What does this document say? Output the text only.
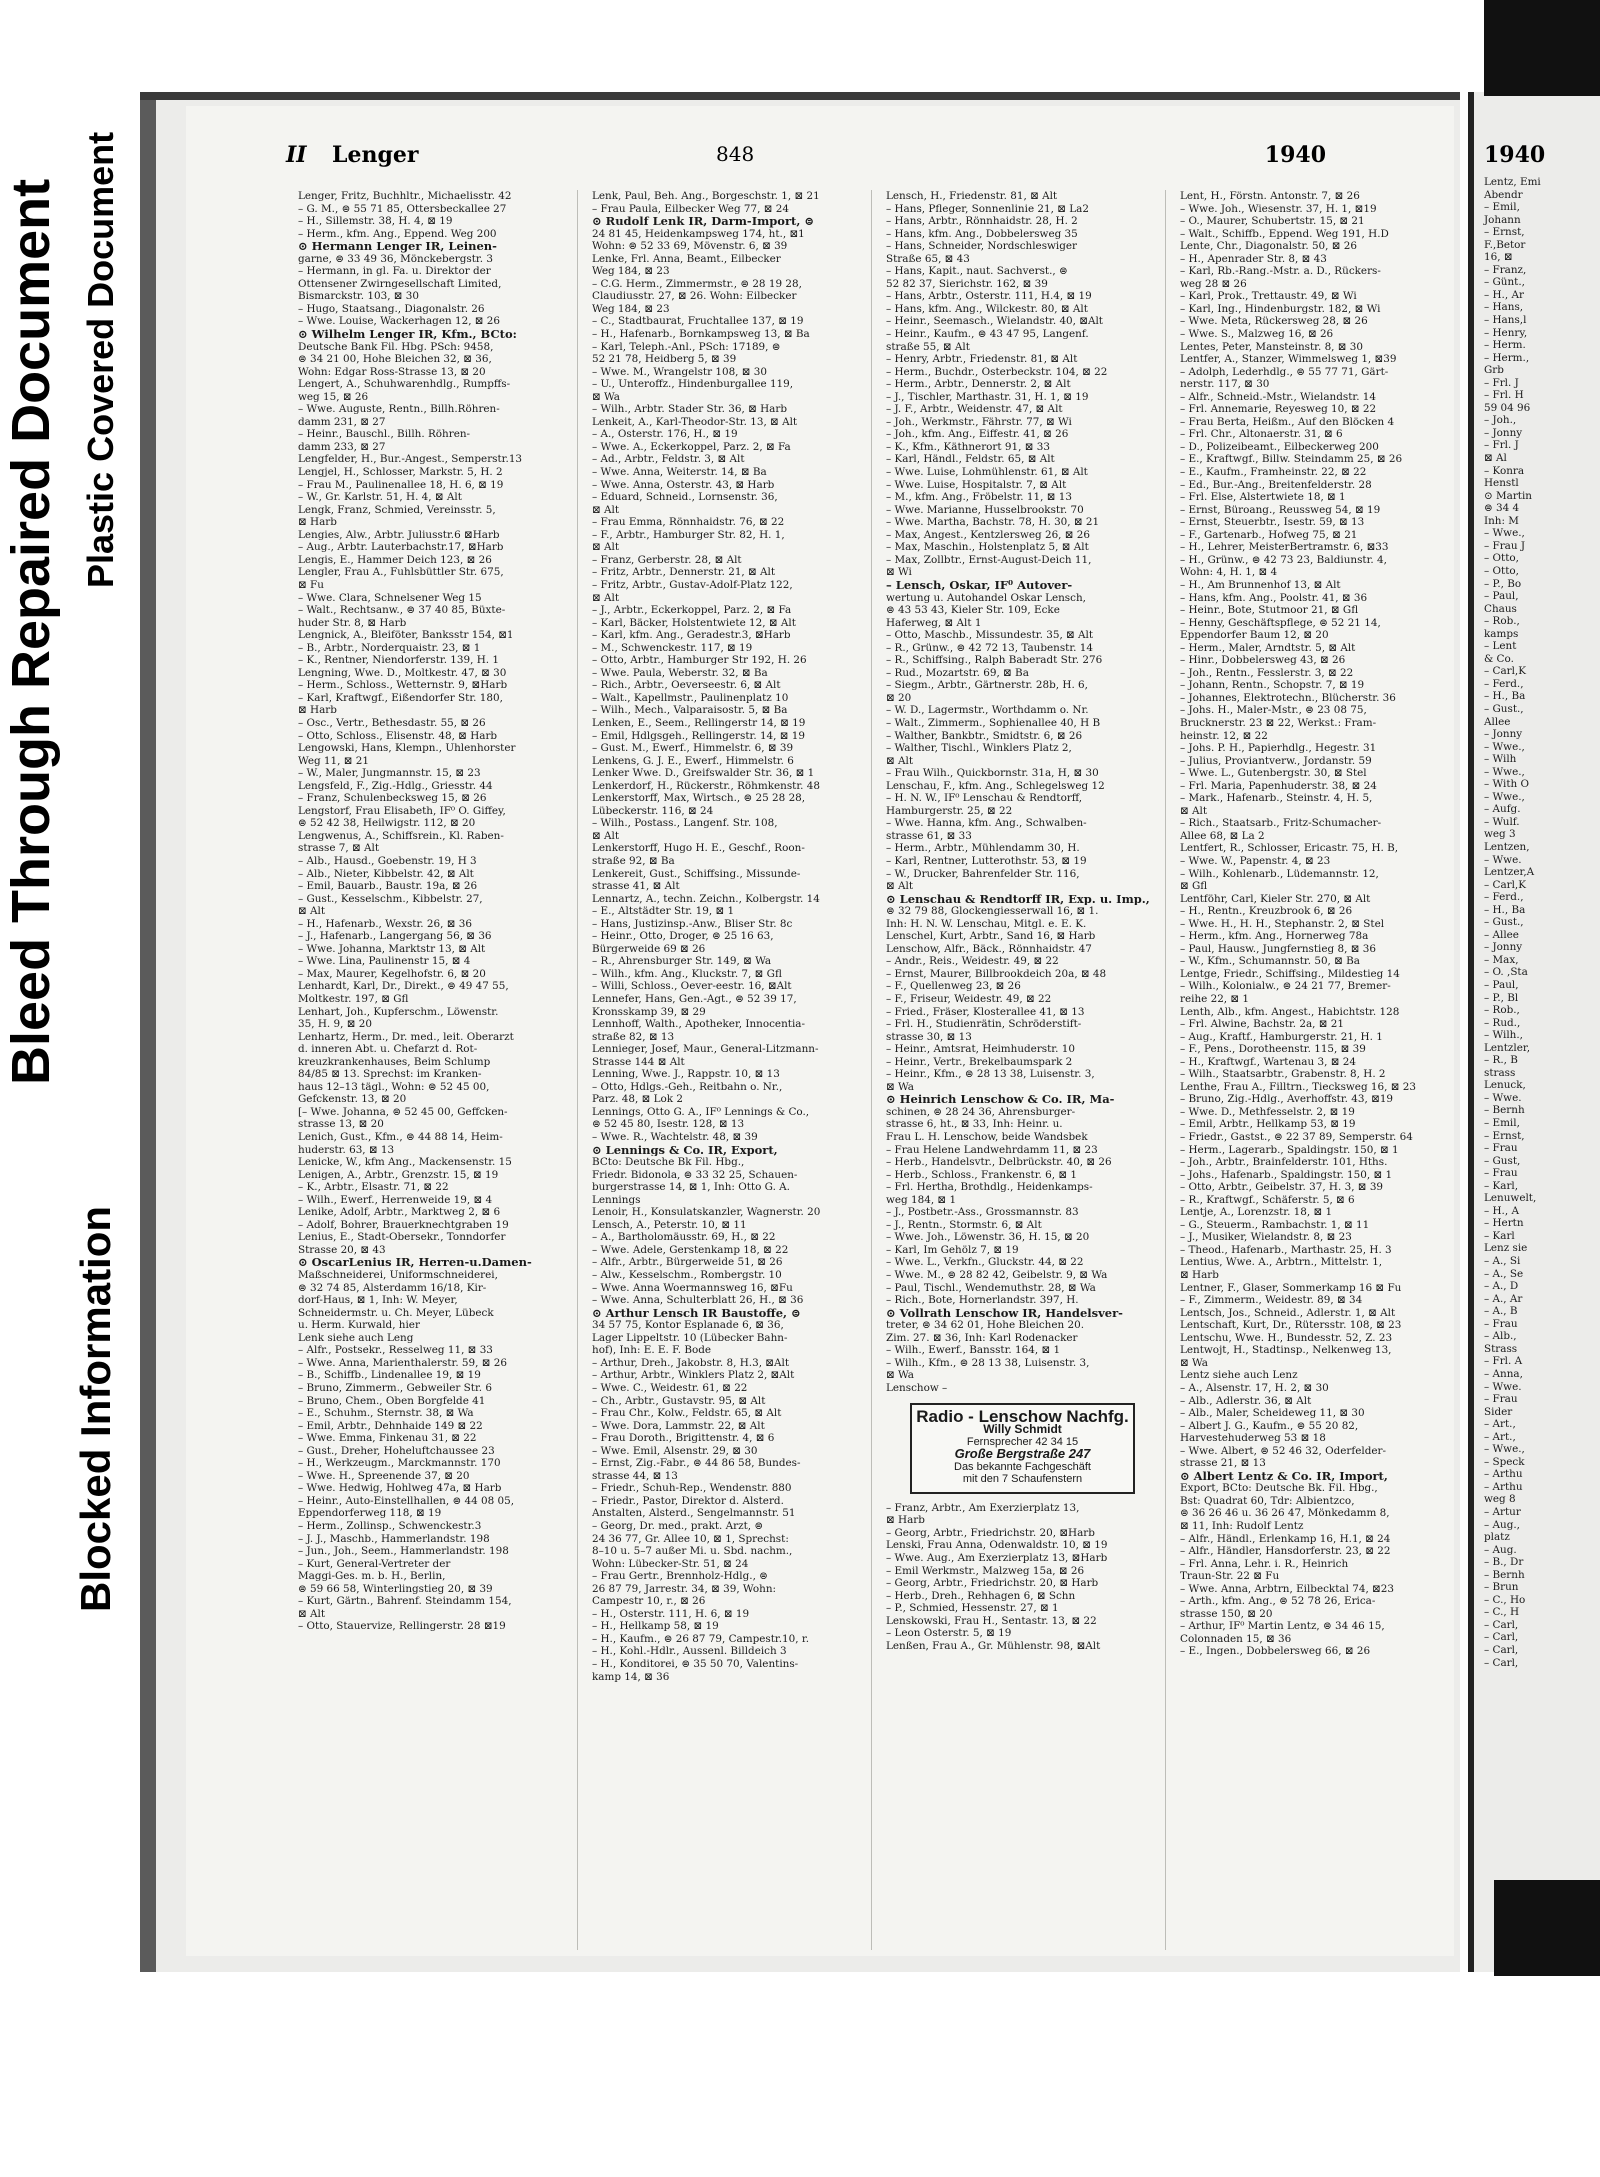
Bleed Through Repaired Document
Blocked Information
Plastic Covered Document	II Lenger	848	1940
Lenger, Fritz, Buchhltr., Michaelisstr. 42
– G. M., ⊜ 55 71 85, Ottersbeckallee 27
– H., Sillemstr. 38, H. 4, ⊠ 19
– Herm., kfm. Ang., Eppend. Weg 200
⊙ Hermann Lenger IR, Leinen-
garne, ⊜ 33 49 36, Mönckebergstr. 3
– Hermann, in gl. Fa. u. Direktor der
Ottensener Zwirngesellschaft Limited,
Bismarckstr. 103, ⊠ 30
– Hugo, Staatsang., Diagonalstr. 26
– Wwe. Louise, Wackerhagen 12, ⊠ 26
⊙ Wilhelm Lenger IR, Kfm., BCto:
Deutsche Bank Fil. Hbg. PSch: 9458,
⊜ 34 21 00, Hohe Bleichen 32, ⊠ 36,
Wohn: Edgar Ross-Strasse 13, ⊠ 20
Lengert, A., Schuhwarenhdlg., Rumpffs-
weg 15, ⊠ 26
– Wwe. Auguste, Rentn., Billh.Röhren-
damm 231, ⊠ 27
– Heinr., Bauschl., Billh. Röhren-
damm 233, ⊠ 27
Lengfelder, H., Bur.-Angest., Semperstr.13
Lengjel, H., Schlosser, Markstr. 5, H. 2
– Frau M., Paulinenallee 18, H. 6, ⊠ 19
– W., Gr. Karlstr. 51, H. 4, ⊠ Alt
Lengk, Franz, Schmied, Vereinsstr. 5,
⊠ Harb
Lengies, Alw., Arbtr. Juliusstr.6 ⊠Harb
– Aug., Arbtr. Lauterbachstr.17, ⊠Harb
Lengis, E., Hammer Deich 123, ⊠ 26
Lengler, Frau A., Fuhlsbüttler Str. 675,
⊠ Fu
– Wwe. Clara, Schnelsener Weg 15
– Walt., Rechtsanw., ⊜ 37 40 85, Büxte-
huder Str. 8, ⊠ Harb
Lengnick, A., Bleiföter, Banksstr 154, ⊠1
– B., Arbtr., Norderquaistr. 23, ⊠ 1
– K., Rentner, Niendorferstr. 139, H. 1
Lengning, Wwe. D., Moltkestr. 47, ⊠ 30
– Herm., Schloss., Wetternstr. 9, ⊠Harb
– Karl, Kraftwgf., Eißendorfer Str. 180,
⊠ Harb
– Osc., Vertr., Bethesdastr. 55, ⊠ 26
– Otto, Schloss., Elisenstr. 48, ⊠ Harb
Lengowski, Hans, Klempn., Uhlenhorster
Weg 11, ⊠ 21
– W., Maler, Jungmannstr. 15, ⊠ 23
Lengsfeld, F., Zig.-Hdlg., Griesstr. 44
– Franz, Schulenbecksweg 15, ⊠ 26
Lengstorf, Frau Elisabeth, IF⁰ O. Giffey,
⊜ 52 42 38, Heilwigstr. 112, ⊠ 20
Lengwenus, A., Schiffsrein., Kl. Raben-
strasse 7, ⊠ Alt
– Alb., Hausd., Goebenstr. 19, H 3
– Alb., Nieter, Kibbelstr. 42, ⊠ Alt
– Emil, Bauarb., Baustr. 19a, ⊠ 26
– Gust., Kesselschm., Kibbelstr. 27,
⊠ Alt
– H., Hafenarb., Wexstr. 26, ⊠ 36
– J., Hafenarb., Langergang 56, ⊠ 36
– Wwe. Johanna, Marktstr 13, ⊠ Alt
– Wwe. Lina, Paulinenstr 15, ⊠ 4
– Max, Maurer, Kegelhofstr. 6, ⊠ 20
Lenhardt, Karl, Dr., Direkt., ⊜ 49 47 55,
Moltkestr. 197, ⊠ Gfl
Lenhart, Joh., Kupferschm., Löwenstr.
35, H. 9, ⊠ 20
Lenhartz, Herm., Dr. med., leit. Oberarzt
d. inneren Abt. u. Chefarzt d. Rot-
kreuzkrankenhauses, Beim Schlump
84/85 ⊠ 13. Sprechst: im Kranken-
haus 12–13 tägl., Wohn: ⊜ 52 45 00,
Gefckenstr. 13, ⊠ 20
[– Wwe. Johanna, ⊜ 52 45 00, Geffcken-
strasse 13, ⊠ 20
Lenich, Gust., Kfm., ⊜ 44 88 14, Heim-
huderstr. 63, ⊠ 13
Lenicke, W., kfm Ang., Mackensenstr. 15
Lenigen, A., Arbtr., Grenzstr. 15, ⊠ 19
– K., Arbtr., Elsastr. 71, ⊠ 22
– Wilh., Ewerf., Herrenweide 19, ⊠ 4
Lenike, Adolf, Arbtr., Marktweg 2, ⊠ 6
– Adolf, Bohrer, Brauerknechtgraben 19
Lenius, E., Stadt-Obersekr., Tonndorfer
Strasse 20, ⊠ 43
⊙ OscarLenius IR, Herren-u.Damen-
Maßschneiderei, Uniformschneiderei,
⊜ 32 74 85, Alsterdamm 16/18, Kir-
dorf-Haus, ⊠ 1, Inh: W. Meyer,
Schneidermstr. u. Ch. Meyer, Lübeck
u. Herm. Kurwald, hier
Lenk siehe auch Leng
– Alfr., Postsekr., Resselweg 11, ⊠ 33
– Wwe. Anna, Marienthalerstr. 59, ⊠ 26
– B., Schiffb., Lindenallee 19, ⊠ 19
– Bruno, Zimmerm., Gebweiler Str. 6
– Bruno, Chem., Oben Borgfelde 41
– E., Schuhm., Sternstr. 38, ⊠ Wa
– Emil, Arbtr., Dehnhaide 149 ⊠ 22
– Wwe. Emma, Finkenau 31, ⊠ 22
– Gust., Dreher, Hoheluftchaussee 23
– H., Werkzeugm., Marckmannstr. 170
– Wwe. H., Spreenende 37, ⊠ 20
– Wwe. Hedwig, Hohlweg 47a, ⊠ Harb
– Heinr., Auto-Einstellhallen, ⊜ 44 08 05,
Eppendorferweg 118, ⊠ 19
– Herm., Zollinsp., Schwenckestr.3
– J. J., Maschb., Hammerlandstr. 198
– Jun., Joh., Seem., Hammerlandstr. 198
– Kurt, General-Vertreter der
Maggi-Ges. m. b. H., Berlin,
⊜ 59 66 58, Winterlingstieg 20, ⊠ 39
– Kurt, Gärtn., Bahrenf. Steindamm 154,
⊠ Alt
– Otto, Stauervize, Rellingerstr. 28 ⊠19
Lenk, Paul, Beh. Ang., Borgeschstr. 1, ⊠ 21
– Frau Paula, Eilbecker Weg 77, ⊠ 24
⊙ Rudolf Lenk IR, Darm-Import, ⊜
24 81 45, Heidenkampsweg 174, ht., ⊠1
Wohn: ⊜ 52 33 69, Mövenstr. 6, ⊠ 39
Lenke, Frl. Anna, Beamt., Eilbecker
Weg 184, ⊠ 23
– C.G. Herm., Zimmermstr., ⊜ 28 19 28,
Claudiusstr. 27, ⊠ 26. Wohn: Eilbecker
Weg 184, ⊠ 23
– C., Stadtbaurat, Fruchtallee 137, ⊠ 19
– H., Hafenarb., Bornkampsweg 13, ⊠ Ba
– Karl, Teleph.-Anl., PSch: 17189, ⊜
52 21 78, Heidberg 5, ⊠ 39
– Wwe. M., Wrangelstr 108, ⊠ 30
– U., Unteroffz., Hindenburgallee 119,
⊠ Wa
– Wilh., Arbtr. Stader Str. 36, ⊠ Harb
Lenkeit, A., Karl-Theodor-Str. 13, ⊠ Alt
– A., Osterstr. 176, H., ⊠ 19
– Wwe. A., Eckerkoppel, Parz. 2, ⊠ Fa
– Ad., Arbtr., Feldstr. 3, ⊠ Alt
– Wwe. Anna, Weiterstr. 14, ⊠ Ba
– Wwe. Anna, Osterstr. 43, ⊠ Harb
– Eduard, Schneid., Lornsenstr. 36,
⊠ Alt
– Frau Emma, Rönnhaidstr. 76, ⊠ 22
– F., Arbtr., Hamburger Str. 82, H. 1,
⊠ Alt
– Franz, Gerberstr. 28, ⊠ Alt
– Fritz, Arbtr., Dennerstr. 21, ⊠ Alt
– Fritz, Arbtr., Gustav-Adolf-Platz 122,
⊠ Alt
– J., Arbtr., Eckerkoppel, Parz. 2, ⊠ Fa
– Karl, Bäcker, Holstentwiete 12, ⊠ Alt
– Karl, kfm. Ang., Geradestr.3, ⊠Harb
– M., Schwenckestr. 117, ⊠ 19
– Otto, Arbtr., Hamburger Str 192, H. 26
– Wwe. Paula, Weberstr. 32, ⊠ Ba
– Rich., Arbtr., Oeverseestr. 6, ⊠ Alt
– Walt., Kapellmstr., Paulinenplatz 10
– Wilh., Mech., Valparaisostr. 5, ⊠ Ba
Lenken, E., Seem., Rellingerstr 14, ⊠ 19
– Emil, Hdlgsgeh., Rellingerstr. 14, ⊠ 19
– Gust. M., Ewerf., Himmelstr. 6, ⊠ 39
Lenkens, G. J. E., Ewerf., Himmelstr. 6
Lenker Wwe. D., Greifswalder Str. 36, ⊠ 1
Lenkerdorf, H., Rückerstr., Röhmkenstr. 48
Lenkerstorff, Max, Wirtsch., ⊜ 25 28 28,
Lübeckerstr. 116, ⊠ 24
– Wilh., Postass., Langenf. Str. 108,
⊠ Alt
Lenkerstorff, Hugo H. E., Geschf., Roon-
straße 92, ⊠ Ba
Lenkereit, Gust., Schiffsing., Missunde-
strasse 41, ⊠ Alt
Lennartz, A., techn. Zeichn., Kolbergstr. 14
– E., Altstädter Str. 19, ⊠ 1
– Hans, Justizinsp.-Anw., Bliser Str. 8c
– Heinr., Otto, Droger, ⊜ 25 16 63,
Bürgerweide 69 ⊠ 26
– R., Ahrensburger Str. 149, ⊠ Wa
– Wilh., kfm. Ang., Kluckstr. 7, ⊠ Gfl
– Willi, Schloss., Oever-eestr. 16, ⊠Alt
Lennefer, Hans, Gen.-Agt., ⊜ 52 39 17,
Kronsskamp 39, ⊠ 29
Lennhoff, Walth., Apotheker, Innocentia-
straße 82, ⊠ 13
Lennieger, Josef, Maur., General-Litzmann-
Strasse 144 ⊠ Alt
Lenning, Wwe. J., Rappstr. 10, ⊠ 13
– Otto, Hdlgs.-Geh., Reitbahn o. Nr.,
Parz. 48, ⊠ Lok 2
Lennings, Otto G. A., IF⁰ Lennings & Co.,
⊜ 52 45 80, Isestr. 128, ⊠ 13
– Wwe. R., Wachtelstr. 48, ⊠ 39
⊙ Lennings & Co. IR, Export,
BCto: Deutsche Bk Fil. Hbg.,
Friedr. Bidonola, ⊜ 33 32 25, Schauen-
burgerstrasse 14, ⊠ 1, Inh: Otto G. A.
Lennings
Lenoir, H., Konsulatskanzler, Wagnerstr. 20
Lensch, A., Peterstr. 10, ⊠ 11
– A., Bartholomäusstr. 69, H., ⊠ 22
– Wwe. Adele, Gerstenkamp 18, ⊠ 22
– Alfr., Arbtr., Bürgerweide 51, ⊠ 26
– Alw., Kesselschm., Rombergstr. 10
– Wwe. Anna Woermannsweg 16, ⊠Fu
– Wwe. Anna, Schulterblatt 26, H., ⊠ 36
⊙ Arthur Lensch IR Baustoffe, ⊜
34 57 75, Kontor Esplanade 6, ⊠ 36,
Lager Lippeltstr. 10 (Lübecker Bahn-
hof), Inh: E. E. F. Bode
– Arthur, Dreh., Jakobstr. 8, H.3, ⊠Alt
– Arthur, Arbtr., Winklers Platz 2, ⊠Alt
– Wwe. C., Weidestr. 61, ⊠ 22
– Ch., Arbtr., Gustavstr. 95, ⊠ Alt
– Frau Chr., Kolw., Feldstr. 65, ⊠ Alt
– Wwe. Dora, Lammstr. 22, ⊠ Alt
– Frau Doroth., Brigittenstr. 4, ⊠ 6
– Wwe. Emil, Alsenstr. 29, ⊠ 30
– Ernst, Zig.-Fabr., ⊜ 44 86 58, Bundes-
strasse 44, ⊠ 13
– Friedr., Schuh-Rep., Wendenstr. 880
– Friedr., Pastor, Direktor d. Alsterd.
Anstalten, Alsterd., Sengelmannstr. 51
– Georg, Dr. med., prakt. Arzt, ⊜
24 36 77, Gr. Allee 10, ⊠ 1, Sprechst:
8–10 u. 5–7 außer Mi. u. Sbd. nachm.,
Wohn: Lübecker-Str. 51, ⊠ 24
– Frau Gertr., Brennholz-Hdlg., ⊜
26 87 79, Jarrestr. 34, ⊠ 39, Wohn:
Campestr 10, r., ⊠ 26
– H., Osterstr. 111, H. 6, ⊠ 19
– H., Hellkamp 58, ⊠ 19
– H., Kaufm., ⊜ 26 87 79, Campestr.10, r.
– H., Kohl.-Hdlr., Aussenl. Billdeich 3
– H., Konditorei, ⊜ 35 50 70, Valentins-
kamp 14, ⊠ 36
Lensch, H., Friedenstr. 81, ⊠ Alt
– Hans, Pfleger, Sonnenlinie 21, ⊠ La2
– Hans, Arbtr., Rönnhaidstr. 28, H. 2
– Hans, kfm. Ang., Dobbelersweg 35
– Hans, Schneider, Nordschleswiger
Straße 65, ⊠ 43
– Hans, Kapit., naut. Sachverst., ⊜
52 82 37, Sierichstr. 162, ⊠ 39
– Hans, Arbtr., Osterstr. 111, H.4, ⊠ 19
– Hans, kfm. Ang., Wilckestr. 80, ⊠ Alt
– Heinr., Seemasch., Wielandstr. 40, ⊠Alt
– Heinr., Kaufm., ⊜ 43 47 95, Langenf.
straße 55, ⊠ Alt
– Henry, Arbtr., Friedenstr. 81, ⊠ Alt
– Herm., Buchdr., Osterbeckstr. 104, ⊠ 22
– Herm., Arbtr., Dennerstr. 2, ⊠ Alt
– J., Tischler, Marthastr. 31, H. 1, ⊠ 19
– J. F., Arbtr., Weidenstr. 47, ⊠ Alt
– Joh., Werkmstr., Fährstr. 77, ⊠ Wi
– Joh., kfm. Ang., Eiffestr. 41, ⊠ 26
– K., Kfm., Käthnerort 91, ⊠ 33
– Karl, Händl., Feldstr. 65, ⊠ Alt
– Wwe. Luise, Lohmühlenstr. 61, ⊠ Alt
– Wwe. Luise, Hospitalstr. 7, ⊠ Alt
– M., kfm. Ang., Fröbelstr. 11, ⊠ 13
– Wwe. Marianne, Husselbrookstr. 70
– Wwe. Martha, Bachstr. 78, H. 30, ⊠ 21
– Max, Angest., Kentzlersweg 26, ⊠ 26
– Max, Maschin., Holstenplatz 5, ⊠ Alt
– Max, Zollbtr., Ernst-August-Deich 11,
⊠ Wi
– Lensch, Oskar, IF⁰ Autover-
wertung u. Autohandel Oskar Lensch,
⊜ 43 53 43, Kieler Str. 109, Ecke
Haferweg, ⊠ Alt 1
– Otto, Maschb., Missundestr. 35, ⊠ Alt
– R., Grünw., ⊜ 42 72 13, Taubenstr. 14
– R., Schiffsing., Ralph Baberadt Str. 276
– Rud., Mozartstr. 69, ⊠ Ba
– Siegm., Arbtr., Gärtnerstr. 28b, H. 6,
⊠ 20
– W. D., Lagermstr., Worthdamm o. Nr.
– Walt., Zimmerm., Sophienallee 40, H B
– Walther, Bankbtr., Smidtstr. 6, ⊠ 26
– Walther, Tischl., Winklers Platz 2,
⊠ Alt
– Frau Wilh., Quickbornstr. 31a, H, ⊠ 30
Lenschau, F., kfm. Ang., Schlegelsweg 12
– H. N. W., IF⁰ Lenschau & Rendtorff,
Hamburgerstr. 25, ⊠ 22
– Wwe. Hanna, kfm. Ang., Schwalben-
strasse 61, ⊠ 33
– Herm., Arbtr., Mühlendamm 30, H.
– Karl, Rentner, Lutterothstr. 53, ⊠ 19
– W., Drucker, Bahrenfelder Str. 116,
⊠ Alt
⊙ Lenschau & Rendtorff IR, Exp. u. Imp.,
⊜ 32 79 88, Glockengiesserwall 16, ⊠ 1.
Inh: H. N. W. Lenschau, Mitgl. e. E. K.
Lenschel, Kurt, Arbtr., Sand 16, ⊠ Harb
Lenschow, Alfr., Bäck., Rönnhaidstr. 47
– Andr., Reis., Weidestr. 49, ⊠ 22
– Ernst, Maurer, Billbrookdeich 20a, ⊠ 48
– F., Quellenweg 23, ⊠ 26
– F., Friseur, Weidestr. 49, ⊠ 22
– Fried., Fräser, Klosterallee 41, ⊠ 13
– Frl. H., Studienrätin, Schröderstift-
strasse 30, ⊠ 13
– Heinr., Amtsrat, Heimhuderstr. 10
– Heinr., Vertr., Brekelbaumspark 2
– Heinr., Kfm., ⊜ 28 13 38, Luisenstr. 3,
⊠ Wa
⊙ Heinrich Lenschow & Co. IR, Ma-
schinen, ⊜ 28 24 36, Ahrensburger-
strasse 6, ht., ⊠ 33, Inh: Heinr. u.
Frau L. H. Lenschow, beide Wandsbek
– Frau Helene Landwehrdamm 11, ⊠ 23
– Herb., Handelsvtr., Delbrückstr. 40, ⊠ 26
– Herb., Schloss., Frankenstr. 6, ⊠ 1
– Frl. Hertha, Brothdlg., Heidenkamps-
weg 184, ⊠ 1
– J., Postbetr.-Ass., Grossmannstr. 83
– J., Rentn., Stormstr. 6, ⊠ Alt
– Wwe. Joh., Löwenstr. 36, H. 15, ⊠ 20
– Karl, Im Gehölz 7, ⊠ 19
– Wwe. L., Verkfn., Gluckstr. 44, ⊠ 22
– Wwe. M., ⊜ 28 82 42, Geibelstr. 9, ⊠ Wa
– Paul, Tischl., Wendemuthstr. 28, ⊠ Wa
– Rich., Bote, Hornerlandstr. 397, H.
⊙ Vollrath Lenschow IR, Handelsver-
treter, ⊜ 34 62 01, Hohe Bleichen 20.
Zim. 27. ⊠ 36, Inh: Karl Rodenacker
– Wilh., Ewerf., Bansstr. 164, ⊠ 1
– Wilh., Kfm., ⊜ 28 13 38, Luisenstr. 3,
⊠ Wa
Lenschow –
Radio - Lenschow Nachfg.
Willy Schmidt
Fernsprecher 42 34 15
Große Bergstraße 247
Das bekannte Fachgeschäft
mit den 7 Schaufenstern
– Franz, Arbtr., Am Exerzierplatz 13,
⊠ Harb
– Georg, Arbtr., Friedrichstr. 20, ⊠Harb
Lenski, Frau Anna, Odenwaldstr. 10, ⊠ 19
– Wwe. Aug., Am Exerzierplatz 13, ⊠Harb
– Emil Werkmstr., Malzweg 15a, ⊠ 26
– Georg, Arbtr., Friedrichstr. 20, ⊠ Harb
– Herb., Dreh., Rehhagen 6, ⊠ Schn
– P., Schmied, Hessenstr. 27, ⊠ 1
Lenskowski, Frau H., Sentastr. 13, ⊠ 22
– Leon Osterstr. 5, ⊠ 19
Lenßen, Frau A., Gr. Mühlenstr. 98, ⊠Alt
Lent, H., Förstn. Antonstr. 7, ⊠ 26
– Wwe. Joh., Wiesenstr. 37, H. 1, ⊠19
– O., Maurer, Schubertstr. 15, ⊠ 21
– Walt., Schiffb., Eppend. Weg 191, H.D
Lente, Chr., Diagonalstr. 50, ⊠ 26
– H., Apenrader Str. 8, ⊠ 43
– Karl, Rb.-Rang.-Mstr. a. D., Rückers-
weg 28 ⊠ 26
– Karl, Prok., Trettaustr. 49, ⊠ Wi
– Karl, Ing., Hindenburgstr. 182, ⊠ Wi
– Wwe. Meta, Rückersweg 28, ⊠ 26
– Wwe. S., Malzweg 16, ⊠ 26
Lentes, Peter, Mansteinstr. 8, ⊠ 30
Lentfer, A., Stanzer, Wimmelsweg 1, ⊠39
– Adolph, Lederhdlg., ⊜ 55 77 71, Gärt-
nerstr. 117, ⊠ 30
– Alfr., Schneid.-Mstr., Wielandstr. 14
– Frl. Annemarie, Reyesweg 10, ⊠ 22
– Frau Berta, Heißm., Auf den Blöcken 4
– Frl. Chr., Altonaerstr. 31, ⊠ 6
– D., Polizeibeamt., Eilbeckerweg 200
– E., Kraftwgf., Billw. Steindamm 25, ⊠ 26
– E., Kaufm., Framheinstr. 22, ⊠ 22
– Ed., Bur.-Ang., Breitenfelderstr. 28
– Frl. Else, Alstertwiete 18, ⊠ 1
– Ernst, Büroang., Reussweg 54, ⊠ 19
– Ernst, Steuerbtr., Isestr. 59, ⊠ 13
– F., Gartenarb., Hofweg 75, ⊠ 21
– H., Lehrer, MeisterBertramstr. 6, ⊠33
– H., Grünw., ⊜ 42 73 23, Baldiunstr. 4,
Wohn: 4, H. 1, ⊠ 4
– H., Am Brunnenhof 13, ⊠ Alt
– Hans, kfm. Ang., Poolstr. 41, ⊠ 36
– Heinr., Bote, Stutmoor 21, ⊠ Gfl
– Henny, Geschäftspflege, ⊜ 52 21 14,
Eppendorfer Baum 12, ⊠ 20
– Herm., Maler, Arndtstr. 5, ⊠ Alt
– Hinr., Dobbelersweg 43, ⊠ 26
– Joh., Rentn., Fesslerstr. 3, ⊠ 22
– Johann, Rentn., Schopstr. 7, ⊠ 19
– Johannes, Elektrotechn., Blücherstr. 36
– Johs. H., Maler-Mstr., ⊜ 23 08 75,
Brucknerstr. 23 ⊠ 22, Werkst.: Fram-
heinstr. 12, ⊠ 22
– Johs. P. H., Papierhdlg., Hegestr. 31
– Julius, Proviantverw., Jordanstr. 59
– Wwe. L., Gutenbergstr. 30, ⊠ Stel
– Frl. Maria, Papenhuderstr. 38, ⊠ 24
– Mark., Hafenarb., Steinstr. 4, H. 5,
⊠ Alt
– Rich., Staatsarb., Fritz-Schumacher-
Allee 68, ⊠ La 2
Lentfert, R., Schlosser, Ericastr. 75, H. B,
– Wwe. W., Papenstr. 4, ⊠ 23
– Wilh., Kohlenarb., Lüdemannstr. 12,
⊠ Gfl
Lentföhr, Carl, Kieler Str. 270, ⊠ Alt
– H., Rentn., Kreuzbrook 6, ⊠ 26
– Wwe. H., H. H., Stephanstr. 2, ⊠ Stel
– Herm., kfm. Ang., Hornerweg 78a
– Paul, Hausw., Jungfernstieg 8, ⊠ 36
– W., Kfm., Schumannstr. 50, ⊠ Ba
Lentge, Friedr., Schiffsing., Mildestieg 14
– Wilh., Kolonialw., ⊜ 24 21 77, Bremer-
reihe 22, ⊠ 1
Lenth, Alb., kfm. Angest., Habichtstr. 128
– Frl. Alwine, Bachstr. 2a, ⊠ 21
– Aug., Kraftf., Hamburgerstr. 21, H. 1
– F., Pens., Dorotheenstr. 115, ⊠ 39
– H., Kraftwgf., Wartenau 3, ⊠ 24
– Wilh., Staatsarbtr., Grabenstr. 8, H. 2
Lenthe, Frau A., Filltrn., Tiecksweg 16, ⊠ 23
– Bruno, Zig.-Hdlg., Averhoffstr. 43, ⊠19
– Wwe. D., Methfesselstr. 2, ⊠ 19
– Emil, Arbtr., Hellkamp 53, ⊠ 19
– Friedr., Gastst., ⊜ 22 37 89, Semperstr. 64
– Herm., Lagerarb., Spaldingstr. 150, ⊠ 1
– Joh., Arbtr., Brainfelderstr. 101, Hths.
– Johs., Hafenarb., Spaldingstr. 150, ⊠ 1
– Otto, Arbtr., Geibelstr. 37, H. 3, ⊠ 39
– R., Kraftwgf., Schäferstr. 5, ⊠ 6
Lentje, A., Lorenzstr. 18, ⊠ 1
– G., Steuerm., Rambachstr. 1, ⊠ 11
– J., Musiker, Wielandstr. 8, ⊠ 23
– Theod., Hafenarb., Marthastr. 25, H. 3
Lentius, Wwe. A., Arbtrn., Mittelstr. 1,
⊠ Harb
Lentner, F., Glaser, Sommerkamp 16 ⊠ Fu
– F., Zimmerm., Weidestr. 89, ⊠ 34
Lentsch, Jos., Schneid., Adlerstr. 1, ⊠ Alt
Lentschaft, Kurt, Dr., Rütersstr. 108, ⊠ 23
Lentschu, Wwe. H., Bundesstr. 52, Z. 23
Lentwojt, H., Stadtinsp., Nelkenweg 13,
⊠ Wa
Lentz siehe auch Lenz
– A., Alsenstr. 17, H. 2, ⊠ 30
– Alb., Adlerstr. 36, ⊠ Alt
– Alb., Maler, Scheideweg 11, ⊠ 30
– Albert J. G., Kaufm., ⊜ 55 20 82,
Harvestehuderweg 53 ⊠ 18
– Wwe. Albert, ⊜ 52 46 32, Oderfelder-
strasse 21, ⊠ 13
⊙ Albert Lentz & Co. IR, Import,
Export, BCto: Deutsche Bk. Fil. Hbg.,
Bst: Quadrat 60, Tdr: Albientzco,
⊜ 36 26 46 u. 36 26 47, Mönkedamm 8,
⊠ 11, Inh: Rudolf Lentz
– Alfr., Händl., Erlenkamp 16, H.1, ⊠ 24
– Alfr., Händler, Hansdorferstr. 23, ⊠ 22
– Frl. Anna, Lehr. i. R., Heinrich
Traun-Str. 22 ⊠ Fu
– Wwe. Anna, Arbtrn, Eilbecktal 74, ⊠23
– Arth., kfm. Ang., ⊜ 52 78 26, Erica-
strasse 150, ⊠ 20
– Arthur, IF⁰ Martin Lentz, ⊜ 34 46 15,
Colonnaden 15, ⊠ 36
– E., Ingen., Dobbelersweg 66, ⊠ 26
1940
Lentz, Emi
Abendr
– Emil,
Johann
– Ernst,
F.,Betor
16, ⊠
– Franz,
– Günt.,
– H., Ar
– Hans,
– Hans,l
– Henry,
– Herm.
– Herm.,
Grb
– Frl. J
– Frl. H
59 04 96
– Joh.,
– Jonny
– Frl. J
⊠ Al
– Konra
Henstl
⊙ Martin
⊜ 34 4
Inh: M
– Wwe.,
– Frau J
– Otto,
– Otto,
– P., Bo
– Paul,
Chaus
– Rob.,
kamps
– Lent
& Co.
– Carl,K
– Ferd.,
– H., Ba
– Gust.,
Allee
– Jonny
– Wwe.,
– Wilh
– Wwe.,
– With O
– Wwe.,
– Aufg.
– Wulf.
weg 3
Lentzen,
– Wwe.
Lentzer,A
– Carl,K
– Ferd.,
– H., Ba
– Gust.,
– Allee
– Jonny
– Max,
– O. ,Sta
– Paul,
– P., Bl
– Rob.,
– Rud.,
– Wilh.,
Lentzler,
– R., B
strass
Lenuck,
– Wwe.
– Bernh
– Emil,
– Ernst,
– Frau
– Gust,
– Frau
– Karl,
Lenuwelt,
– H., A
– Hertn
– Karl
Lenz sie
– A., Si
– A., Se
– A., D
– A., Ar
– A., B
– Frau
– Alb.,
Strass
– Frl. A
– Anna,
– Wwe.
– Frau
Sider
– Art.,
– Art.,
– Wwe.,
– Speck
– Arthu
– Arthu
weg 8
– Artur
– Aug.,
platz
– Aug.
– B., Dr
– Bernh
– Brun
– C., Ho
– C., H
– Carl,
– Carl,
– Carl,
– Carl,
